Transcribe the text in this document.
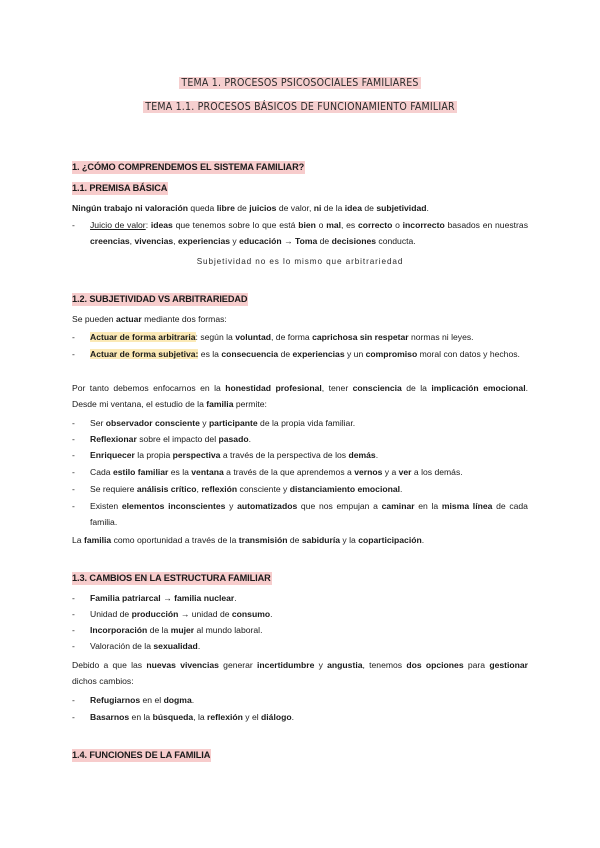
TEMA 1. PROCESOS PSICOSOCIALES FAMILIARES
TEMA 1.1. PROCESOS BÁSICOS DE FUNCIONAMIENTO FAMILIAR
1. ¿CÓMO COMPRENDEMOS EL SISTEMA FAMILIAR?
1.1. PREMISA BÁSICA
Ningún trabajo ni valoración queda libre de juicios de valor, ni de la idea de subjetividad.
- Juicio de valor: ideas que tenemos sobre lo que está bien o mal, es correcto o incorrecto basados en nuestras creencias, vivencias, experiencias y educación → Toma de decisiones conducta.
Subjetividad no es lo mismo que arbitrariedad
1.2. SUBJETIVIDAD VS ARBITRARIEDAD
Se pueden actuar mediante dos formas:
- Actuar de forma arbitraria: según la voluntad, de forma caprichosa sin respetar normas ni leyes.
- Actuar de forma subjetiva: es la consecuencia de experiencias y un compromiso moral con datos y hechos.
Por tanto debemos enfocarnos en la honestidad profesional, tener consciencia de la implicación emocional. Desde mi ventana, el estudio de la familia permite:
- Ser observador consciente y participante de la propia vida familiar.
- Reflexionar sobre el impacto del pasado.
- Enriquecer la propia perspectiva a través de la perspectiva de los demás.
- Cada estilo familiar es la ventana a través de la que aprendemos a vernos y a ver a los demás.
- Se requiere análisis crítico, reflexión consciente y distanciamiento emocional.
- Existen elementos inconscientes y automatizados que nos empujan a caminar en la misma línea de cada familia.
La familia como oportunidad a través de la transmisión de sabiduría y la coparticipación.
1.3. CAMBIOS EN LA ESTRUCTURA FAMILIAR
- Familia patriarcal → familia nuclear.
- Unidad de producción → unidad de consumo.
- Incorporación de la mujer al mundo laboral.
- Valoración de la sexualidad.
Debido a que las nuevas vivencias generar incertidumbre y angustia, tenemos dos opciones para gestionar dichos cambios:
- Refugiarnos en el dogma.
- Basarnos en la búsqueda, la reflexión y el diálogo.
1.4. FUNCIONES DE LA FAMILIA
